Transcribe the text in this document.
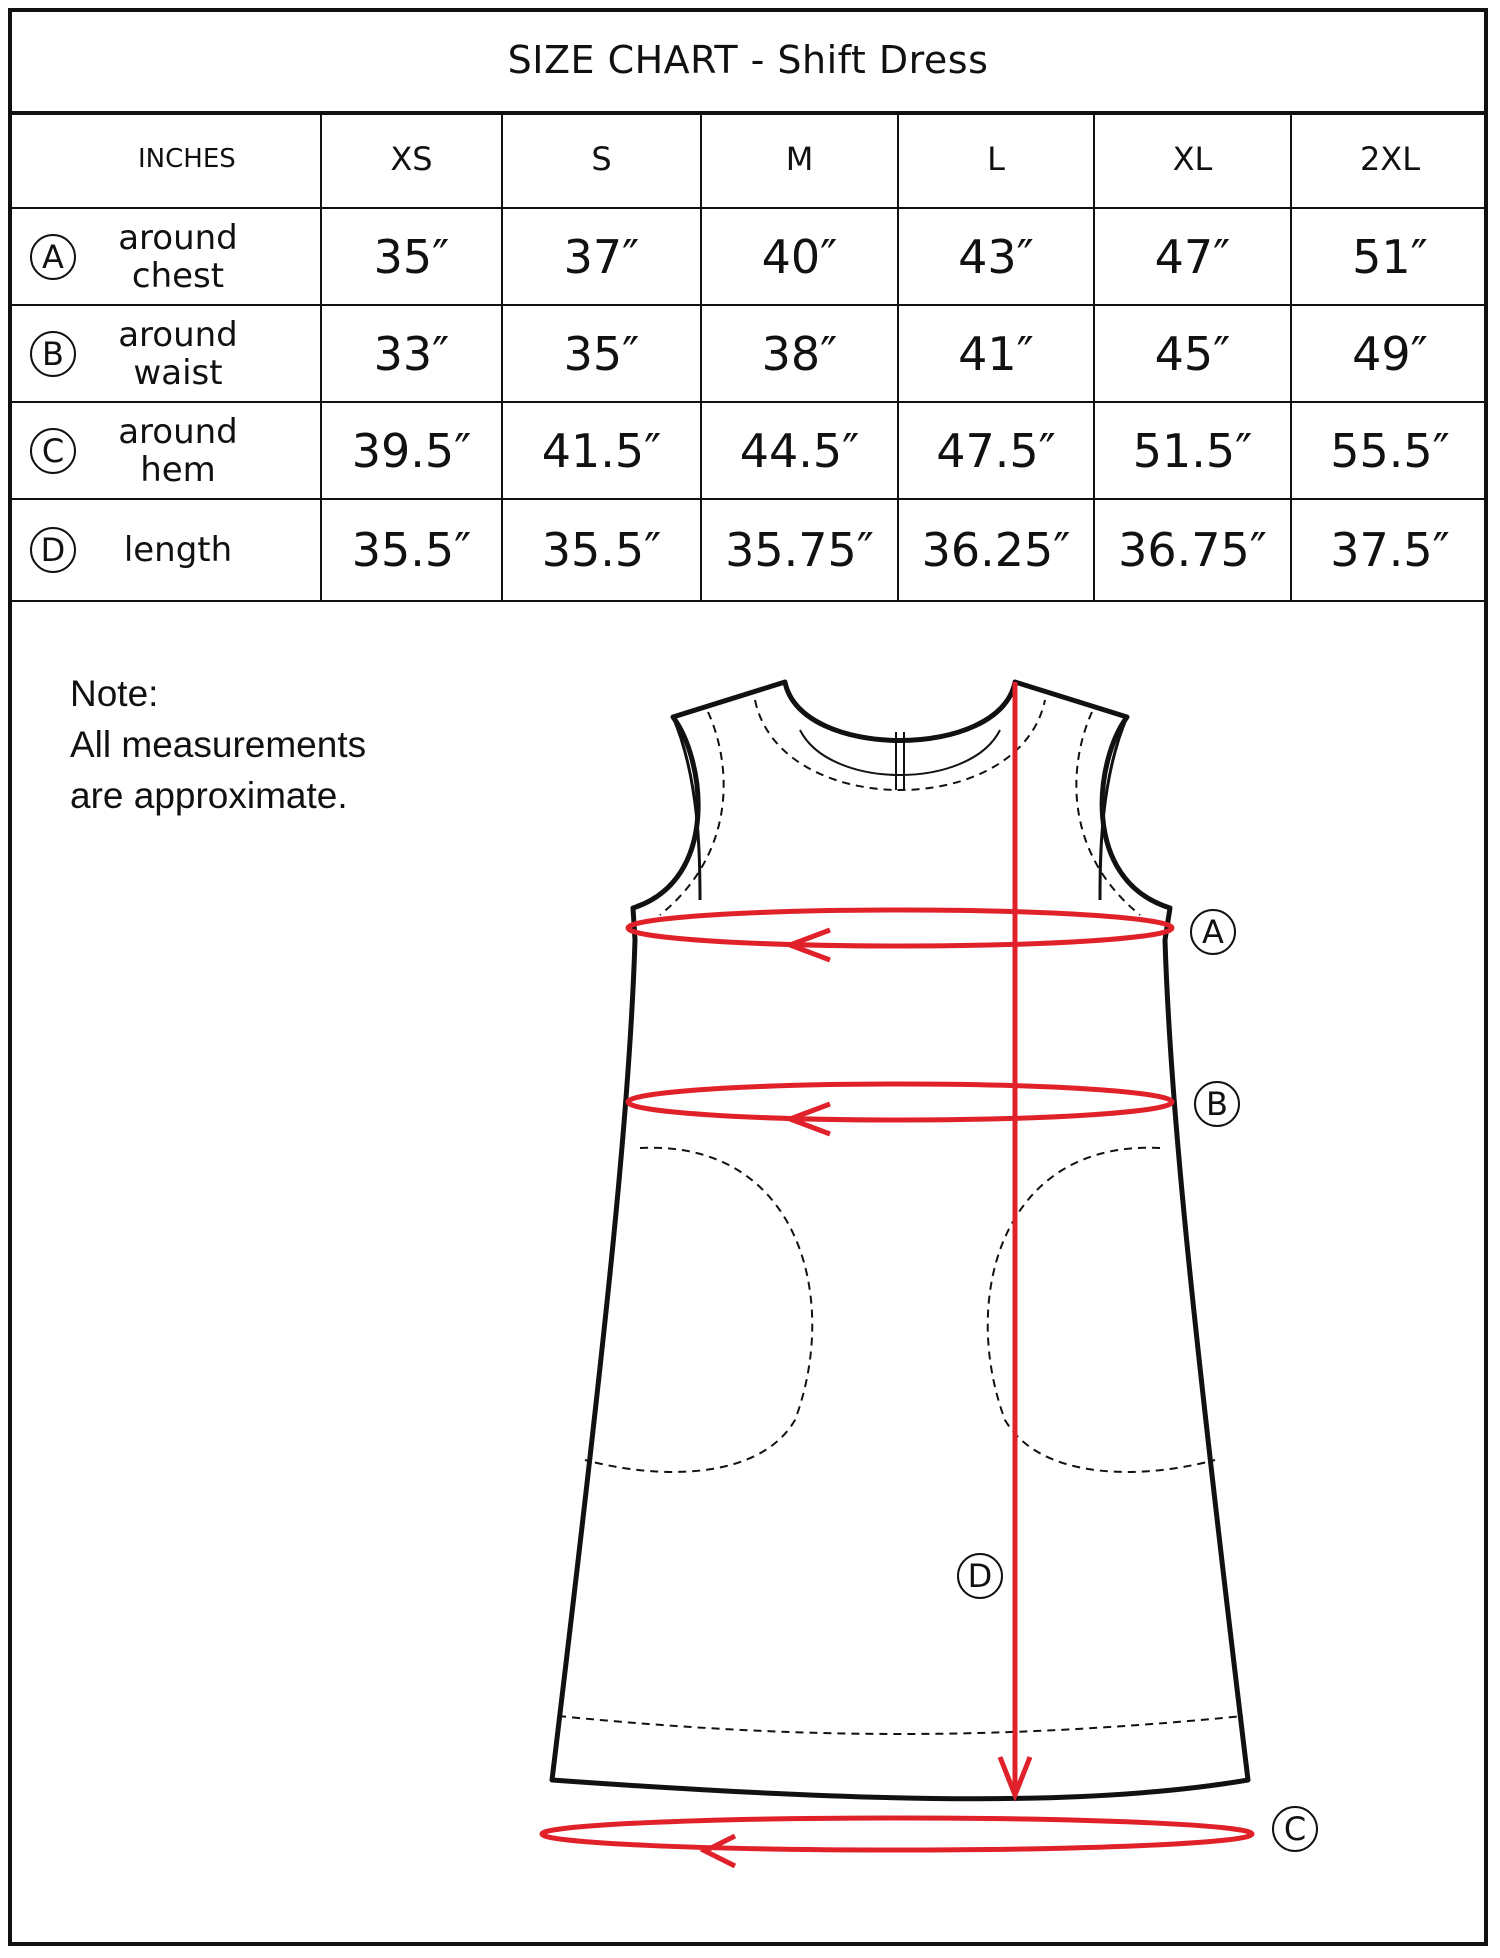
SIZE CHART - Shift Dress
INCHES	XS	S	M	L	XL	2XL

A around
chest	35″	37″	40″	43″	47″	51″

B around
waist	33″	35″	38″	41″	45″	49″

C around
hem	39.5″	41.5″	44.5″	47.5″	51.5″	55.5″

D length	35.5″	35.5″	35.75″	36.25″	36.75″	37.5″
Note:
All measurements
are approximate.
A
B
C
D
